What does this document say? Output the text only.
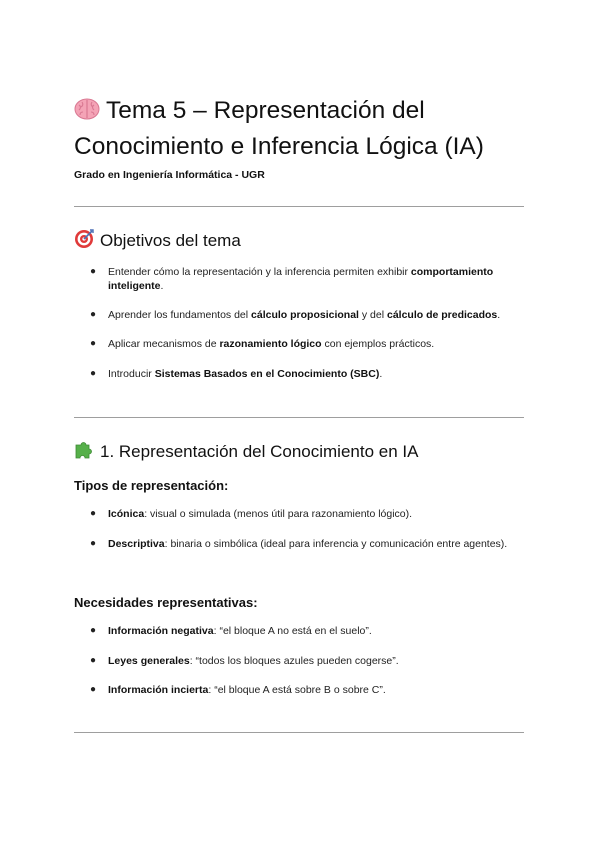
Tema 5 – Representación del Conocimiento e Inferencia Lógica (IA)
Grado en Ingeniería Informática - UGR
Objetivos del tema
● Entender cómo la representación y la inferencia permiten exhibir comportamiento inteligente.
● Aprender los fundamentos del cálculo proposicional y del cálculo de predicados.
● Aplicar mecanismos de razonamiento lógico con ejemplos prácticos.
● Introducir Sistemas Basados en el Conocimiento (SBC).
1. Representación del Conocimiento en IA
Tipos de representación:
● Icónica: visual o simulada (menos útil para razonamiento lógico).
● Descriptiva: binaria o simbólica (ideal para inferencia y comunicación entre agentes).
Necesidades representativas:
● Información negativa: “el bloque A no está en el suelo”.
● Leyes generales: “todos los bloques azules pueden cogerse”.
● Información incierta: “el bloque A está sobre B o sobre C”.
